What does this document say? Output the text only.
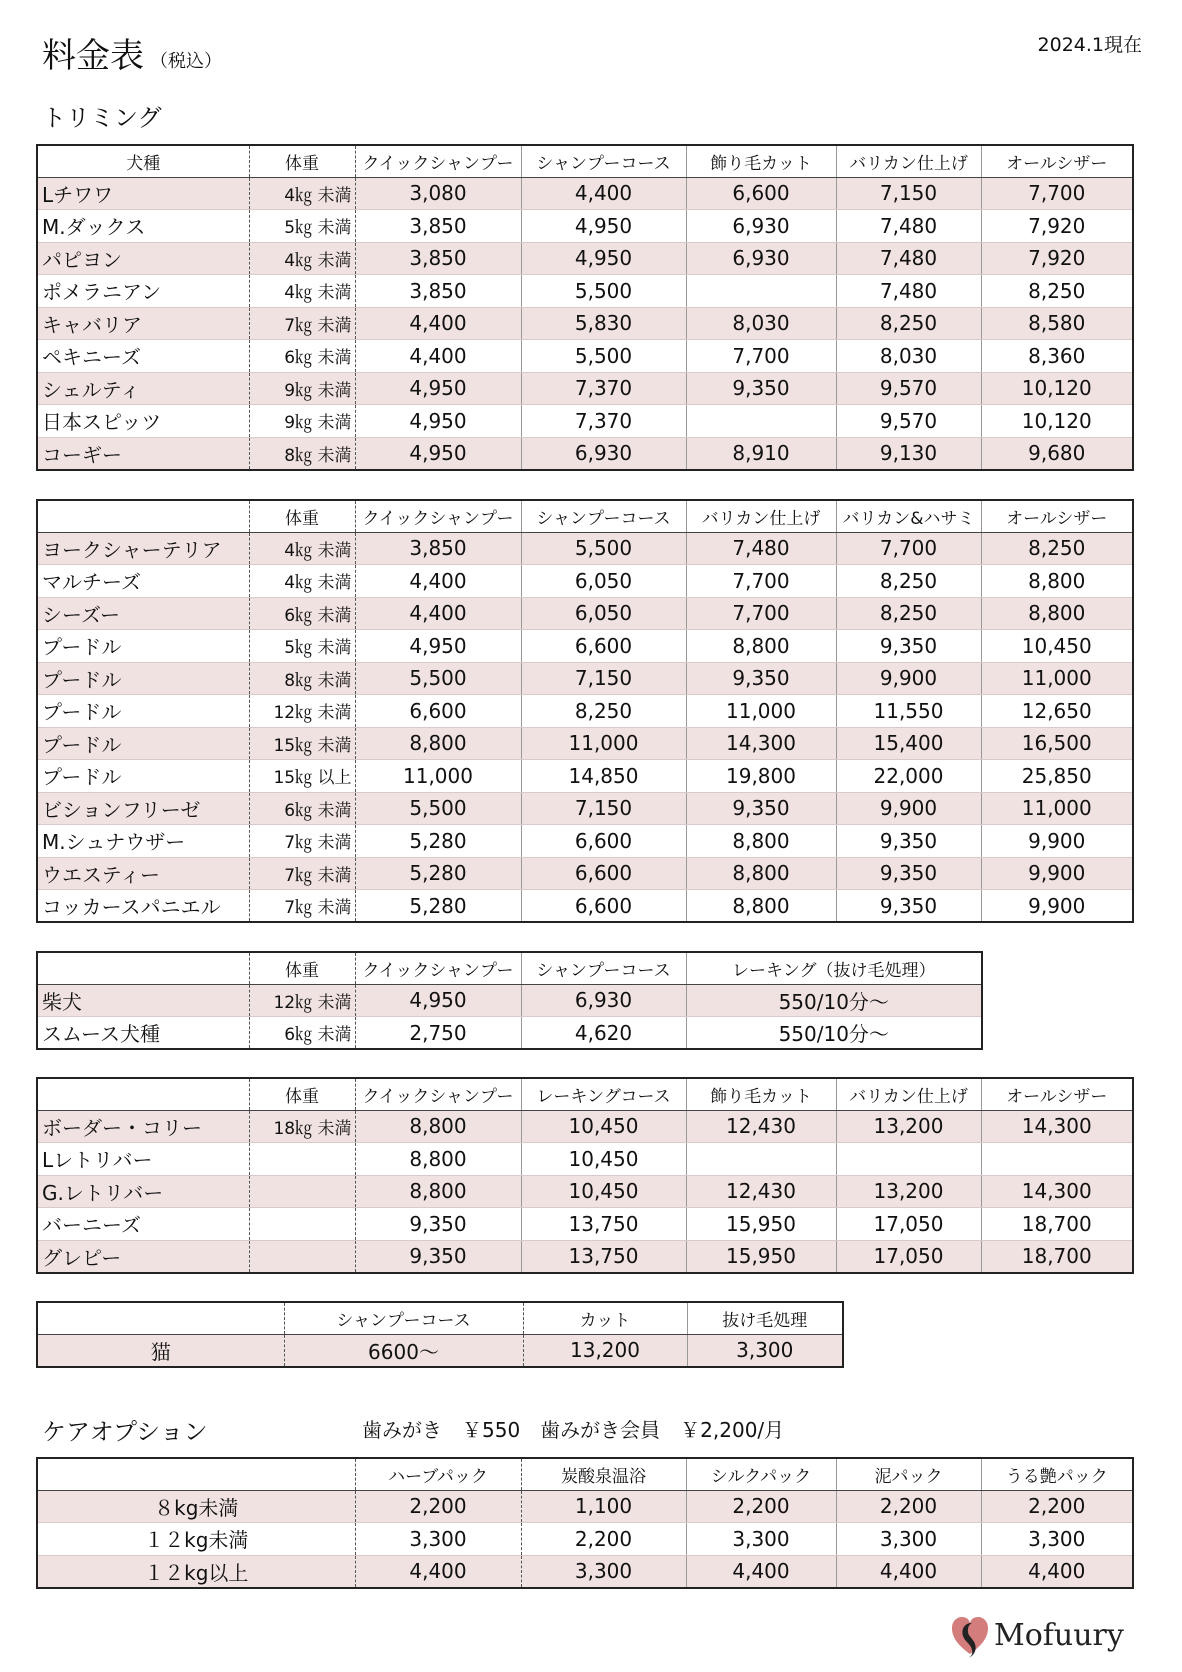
料金表 （税込）
2024.1現在
トリミング
犬種	体重	クイックシャンプー	シャンプーコース	飾り毛カット	バリカン仕上げ	オールシザー
Lチワワ	4㎏ 未満	3,080	4,400	6,600	7,150	7,700
M.ダックス	5㎏ 未満	3,850	4,950	6,930	7,480	7,920
パピヨン	4㎏ 未満	3,850	4,950	6,930	7,480	7,920
ポメラニアン	4㎏ 未満	3,850	5,500		7,480	8,250
キャバリア	7㎏ 未満	4,400	5,830	8,030	8,250	8,580
ペキニーズ	6㎏ 未満	4,400	5,500	7,700	8,030	8,360
シェルティ	9㎏ 未満	4,950	7,370	9,350	9,570	10,120
日本スピッツ	9㎏ 未満	4,950	7,370		9,570	10,120
コーギー	8㎏ 未満	4,950	6,930	8,910	9,130	9,680
	体重	クイックシャンプー	シャンプーコース	バリカン仕上げ	バリカン&ハサミ	オールシザー
ヨークシャーテリア	4㎏ 未満	3,850	5,500	7,480	7,700	8,250
マルチーズ	4㎏ 未満	4,400	6,050	7,700	8,250	8,800
シーズー	6㎏ 未満	4,400	6,050	7,700	8,250	8,800
プードル	5㎏ 未満	4,950	6,600	8,800	9,350	10,450
プードル	8㎏ 未満	5,500	7,150	9,350	9,900	11,000
プードル	12㎏ 未満	6,600	8,250	11,000	11,550	12,650
プードル	15㎏ 未満	8,800	11,000	14,300	15,400	16,500
プードル	15㎏ 以上	11,000	14,850	19,800	22,000	25,850
ビションフリーゼ	6㎏ 未満	5,500	7,150	9,350	9,900	11,000
M.シュナウザー	7㎏ 未満	5,280	6,600	8,800	9,350	9,900
ウエスティー	7㎏ 未満	5,280	6,600	8,800	9,350	9,900
コッカースパニエル	7㎏ 未満	5,280	6,600	8,800	9,350	9,900
	体重	クイックシャンプー	シャンプーコース	レーキング（抜け毛処理）
柴犬	12㎏ 未満	4,950	6,930	550/10分〜
スムース犬種	6㎏ 未満	2,750	4,620	550/10分〜
	体重	クイックシャンプー	レーキングコース	飾り毛カット	バリカン仕上げ	オールシザー
ボーダー・コリー	18㎏ 未満	8,800	10,450	12,430	13,200	14,300
Lレトリバー		8,800	10,450			
G.レトリバー		8,800	10,450	12,430	13,200	14,300
バーニーズ		9,350	13,750	15,950	17,050	18,700
グレピー		9,350	13,750	15,950	17,050	18,700
	シャンプーコース	カット	抜け毛処理
猫	6600〜	13,200	3,300
ケアオプション	歯みがき　￥550　歯みがき会員　￥2,200/月
	ハーブパック	炭酸泉温浴	シルクパック	泥パック	うる艶パック
８kg未満	2,200	1,100	2,200	2,200	2,200
１２kg未満	3,300	2,200	3,300	3,300	3,300
１２kg以上	4,400	3,300	4,400	4,400	4,400
Mofuury
